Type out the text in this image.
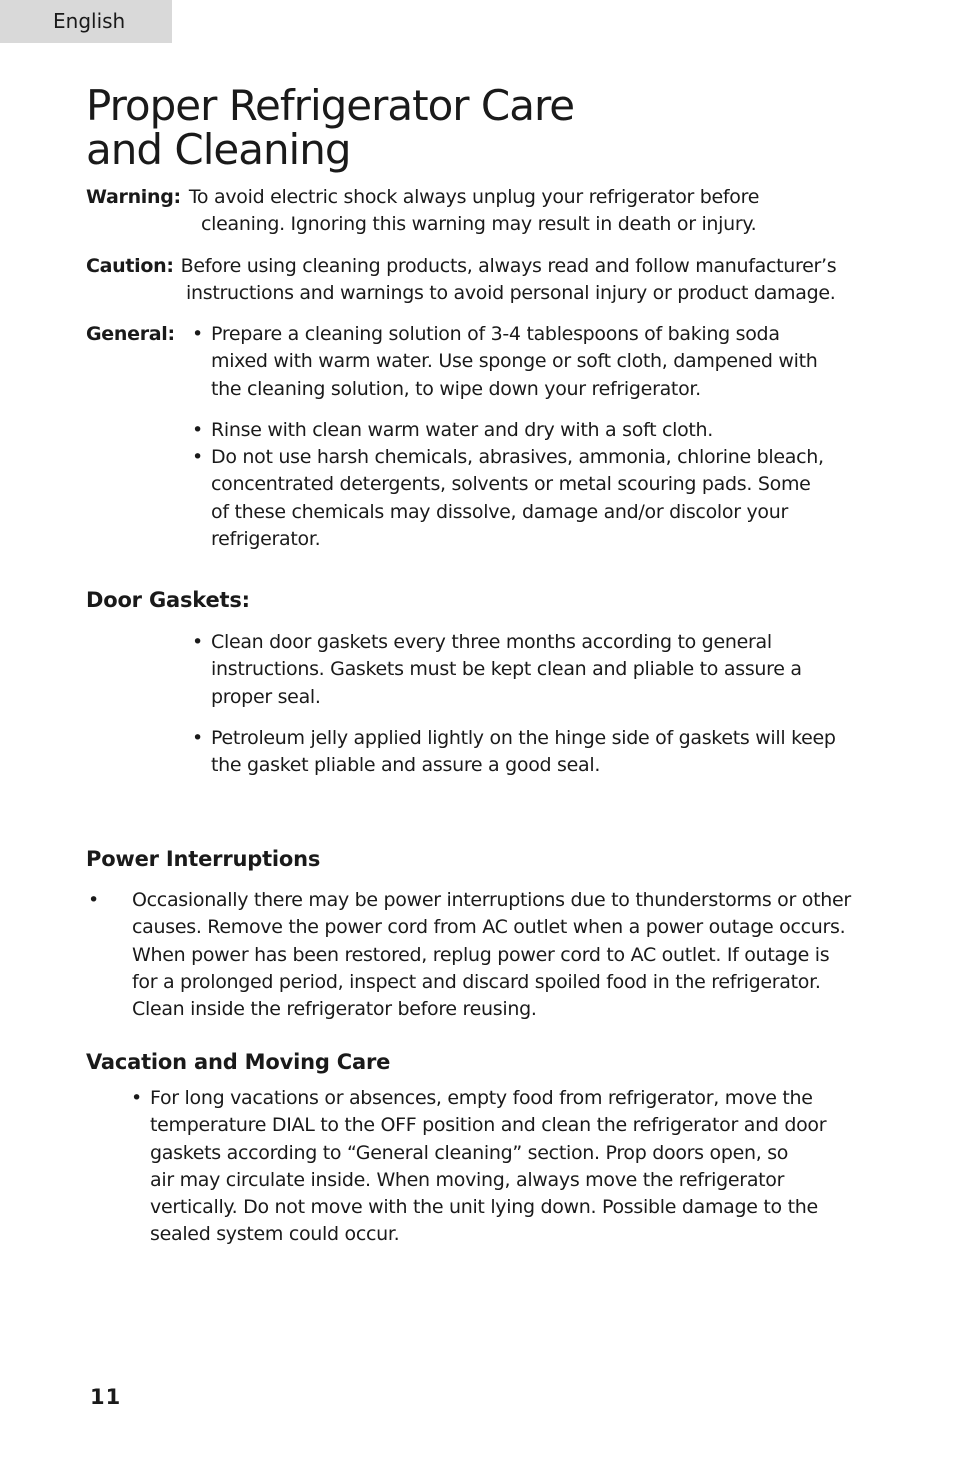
English
Proper Refrigerator Care
and Cleaning
Warning: To avoid electric shock always unplug your refrigerator before
cleaning. Ignoring this warning may result in death or injury.
Caution: Before using cleaning products, always read and follow manufacturer’s
instructions and warnings to avoid personal injury or product damage.
General: • Prepare a cleaning solution of 3-4 tablespoons of baking soda
mixed with warm water. Use sponge or soft cloth, dampened with
the cleaning solution, to wipe down your refrigerator.
• Rinse with clean warm water and dry with a soft cloth.
• Do not use harsh chemicals, abrasives, ammonia, chlorine bleach,
concentrated detergents, solvents or metal scouring pads. Some
of these chemicals may dissolve, damage and/or discolor your
refrigerator.
Door Gaskets:
• Clean door gaskets every three months according to general
instructions. Gaskets must be kept clean and pliable to assure a
proper seal.
• Petroleum jelly applied lightly on the hinge side of gaskets will keep
the gasket pliable and assure a good seal.
Power Interruptions
•	Occasionally there may be power interruptions due to thunderstorms or other
causes. Remove the power cord from AC outlet when a power outage occurs.
When power has been restored, replug power cord to AC outlet. If outage is
for a prolonged period, inspect and discard spoiled food in the refrigerator.
Clean inside the refrigerator before reusing.
Vacation and Moving Care
• For long vacations or absences, empty food from refrigerator, move the
temperature DIAL to the OFF position and clean the refrigerator and door
gaskets according to “General cleaning” section. Prop doors open, so
air may circulate inside. When moving, always move the refrigerator
vertically. Do not move with the unit lying down. Possible damage to the
sealed system could occur.
11
